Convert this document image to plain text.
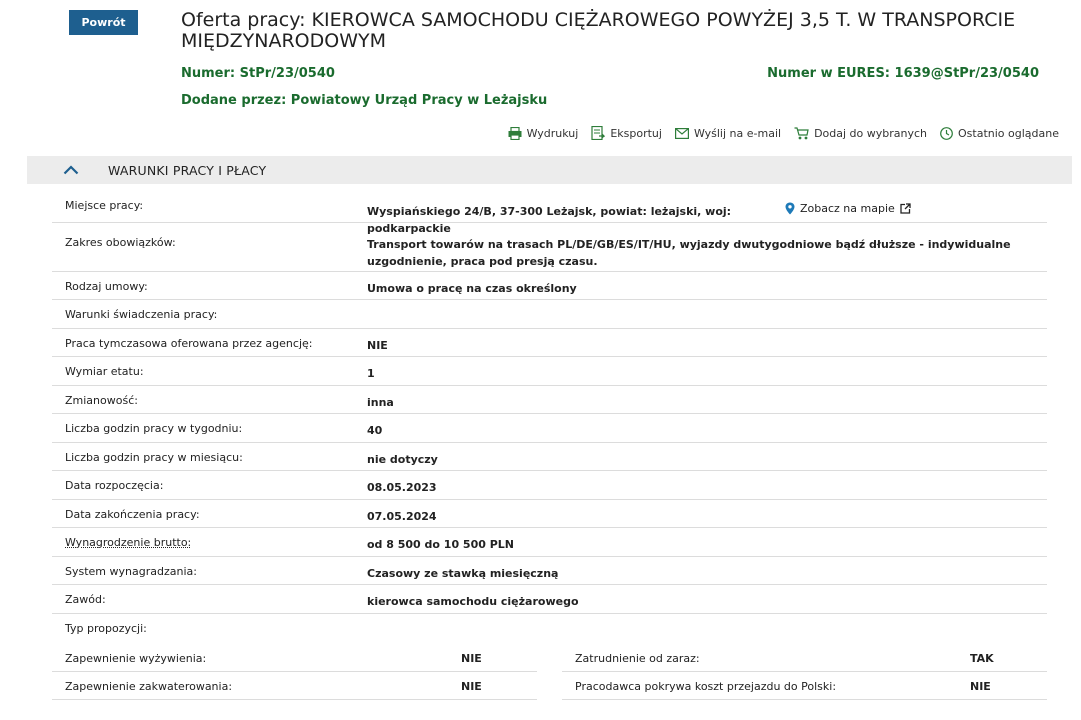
Powrót	Oferta pracy: KIEROWCA SAMOCHODU CIĘŻAROWEGO POWYŻEJ 3,5 T. W TRANSPORCIE MIĘDZYNARODOWYM
Numer: StPr/23/0540	Numer w EURES: 1639@StPr/23/0540
Dodane przez: Powiatowy Urząd Pracy w Leżajsku
Wydrukuj	Eksportuj	Wyślij na e-mail	Dodaj do wybranych	Ostatnio oglądane
WARUNKI PRACY I PŁACY
Miejsce pracy:	Wyspiańskiego 24/B, 37-300 Leżajsk, powiat: leżajski, woj: podkarpackie
Zobacz na mapie
Zakres obowiązków:	Transport towarów na trasach PL/DE/GB/ES/IT/HU, wyjazdy dwutygodniowe bądź dłuższe - indywidualne uzgodnienie, praca pod presją czasu.
Rodzaj umowy:	Umowa o pracę na czas określony
Warunki świadczenia pracy:
Praca tymczasowa oferowana przez agencję:	NIE
Wymiar etatu:	1
Zmianowość:	inna
Liczba godzin pracy w tygodniu:	40
Liczba godzin pracy w miesiącu:	nie dotyczy
Data rozpoczęcia:	08.05.2023
Data zakończenia pracy:	07.05.2024
Wynagrodzenie brutto:	od 8 500 do 10 500 PLN
System wynagradzania:	Czasowy ze stawką miesięczną
Zawód:	kierowca samochodu ciężarowego
Typ propozycji:
Zapewnienie wyżywienia:	NIE
Zapewnienie zakwaterowania:	NIE
Zatrudnienie od zaraz:	TAK
Pracodawca pokrywa koszt przejazdu do Polski:	NIE
